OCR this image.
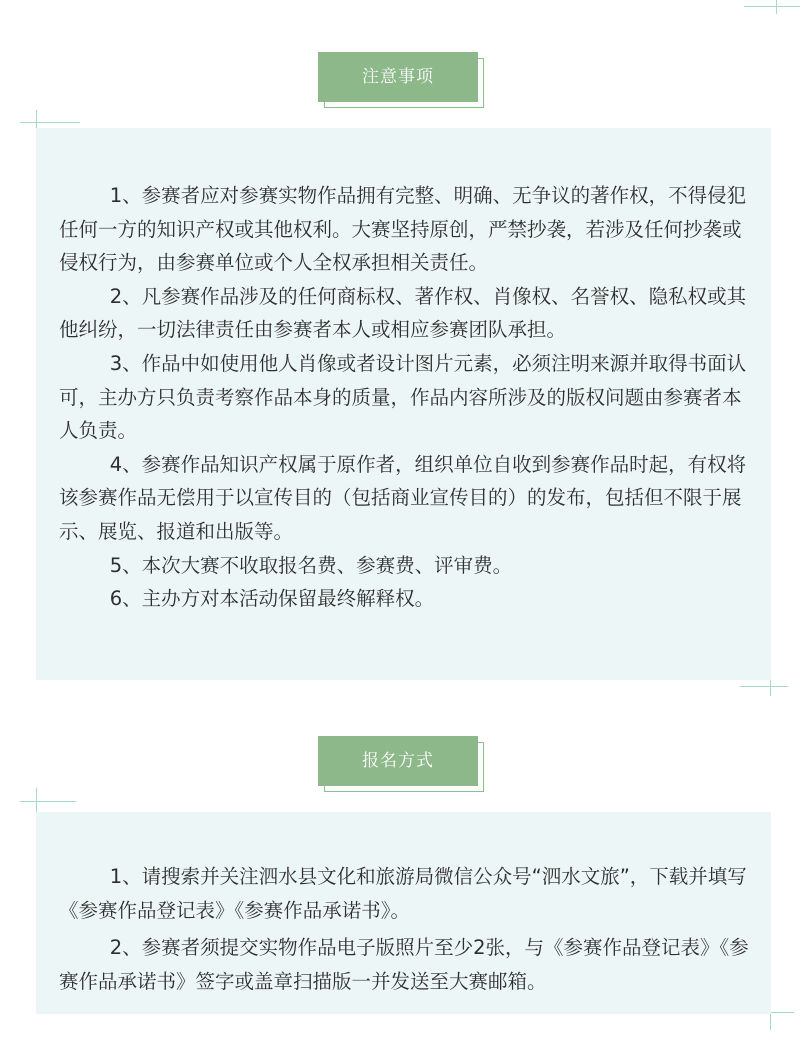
注意事项

1、参赛者应对参赛实物作品拥有完整、明确、无争议的著作权，不得侵犯任何一方的知识产权或其他权利。大赛坚持原创，严禁抄袭，若涉及任何抄袭或侵权行为，由参赛单位或个人全权承担相关责任。

2、凡参赛作品涉及的任何商标权、著作权、肖像权、名誉权、隐私权或其他纠纷，一切法律责任由参赛者本人或相应参赛团队承担。

3、作品中如使用他人肖像或者设计图片元素，必须注明来源并取得书面认可，主办方只负责考察作品本身的质量，作品内容所涉及的版权问题由参赛者本人负责。

4、参赛作品知识产权属于原作者，组织单位自收到参赛作品时起，有权将该参赛作品无偿用于以宣传目的（包括商业宣传目的）的发布，包括但不限于展示、展览、报道和出版等。

5、本次大赛不收取报名费、参赛费、评审费。

6、主办方对本活动保留最终解释权。

报名方式

1、请搜索并关注泗水县文化和旅游局微信公众号“泗水文旅”，下载并填写《参赛作品登记表》《参赛作品承诺书》。

2、参赛者须提交实物作品电子版照片至少2张，与《参赛作品登记表》《参赛作品承诺书》签字或盖章扫描版一并发送至大赛邮箱。
